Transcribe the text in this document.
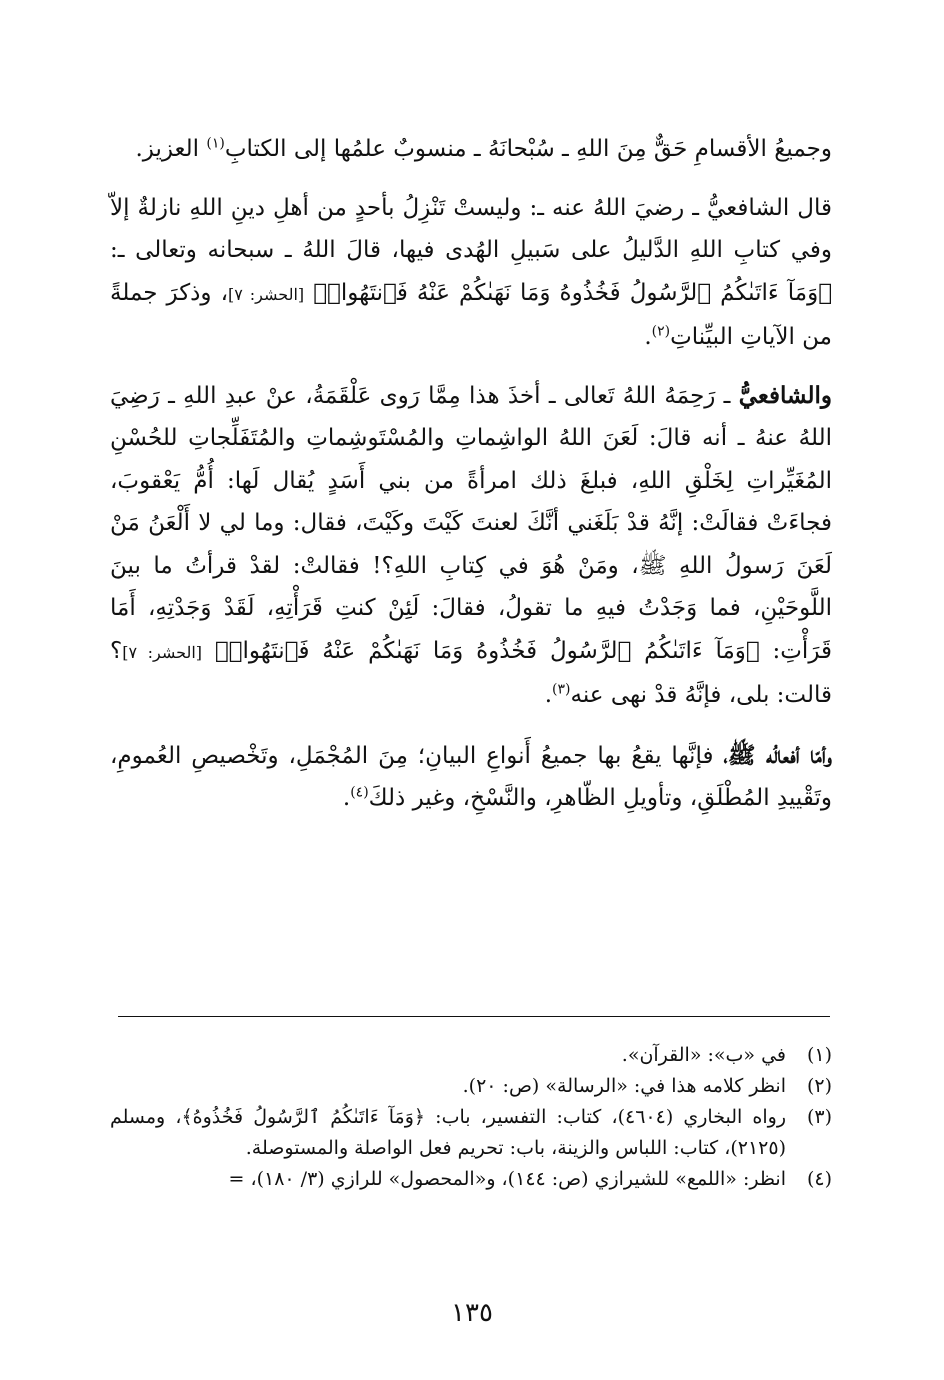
وجميعُ الأقسامِ حَقٌّ مِنَ اللهِ ـ سُبْحانَهُ ـ منسوبٌ علمُها إلى الكتابِ$^{(١)}$ العزيز.

قال الشافعيُّ ـ رضيَ اللهُ عنه ـ: وليستْ تَنْزِلُ بأحدٍ من أهلِ دينِ اللهِ نازلةٌ إلاّ وفي كتابِ اللهِ الدَّليلُ على سَبيلِ الهُدى فيها، قالَ اللهُ ـ سبحانه وتعالى ـ: ﴿وَمَآ ءَاتَىٰكُمُ ٱلرَّسُولُ فَخُذُوهُ وَمَا نَهَىٰكُمْ عَنْهُ فَٱنتَهُوا۟﴾ [الحشر: ٧]، وذكرَ جملةً من الآياتِ البيِّناتِ$^{(٢)}$.

والشافعيُّ ـ رَحِمَهُ اللهُ تَعالى ـ أخذَ هذا مِمَّا رَوى عَلْقَمَةُ، عنْ عبدِ اللهِ ـ رَضِيَ اللهُ عنهُ ـ أنه قالَ: لَعَنَ اللهُ الواشِماتِ والمُسْتَوشِماتِ والمُتَفَلِّجاتِ للحُسْنِ المُغَيِّراتِ لِخَلْقِ اللهِ، فبلغَ ذلك امرأةً من بني أَسَدٍ يُقال لَها: أُمُّ يَعْقوبَ، فجاءَتْ فقالَتْ: إنَّهُ قدْ بَلَغَني أنَّكَ لعنتَ كَيْتَ وكَيْتَ، فقال: وما لي لا أَلْعَنُ مَنْ لَعَنَ رَسولُ اللهِ ﷺ، ومَنْ هُوَ في كِتابِ اللهِ؟! فقالتْ: لقدْ قرأتُ ما بينَ اللَّوحَيْنِ، فما وَجَدْتُ فيهِ ما تقولُ، فقالَ: لَئِنْ كنتِ قَرَأْتِهِ، لَقَدْ وَجَدْتِهِ، أَمَا قَرَأْتِ: ﴿وَمَآ ءَاتَىٰكُمُ ٱلرَّسُولُ فَخُذُوهُ وَمَا نَهَىٰكُمْ عَنْهُ فَٱنتَهُوا۟﴾ [الحشر: ٧]؟ قالت: بلى، فإنَّهُ قدْ نهى عنه$^{(٣)}$.

وأمّا أفعالُه ﷺ، فإنَّها يقعُ بها جميعُ أَنواعِ البيانِ؛ مِنَ المُجْمَلِ، وتَخْصيصِ العُمومِ، وتَقْييدِ المُطْلَقِ، وتأويلِ الظّاهرِ، والنَّسْخِ، وغير ذلكَ$^{(٤)}$.

(١)
في «ب»: «القرآن».
(٢)
انظر كلامه هذا في: «الرسالة» (ص: ٢٠).
(٣)
رواه البخاري (٤٦٠٤)، كتاب: التفسير، باب: ﴿وَمَآ ءَاتَىٰكُمُ ٱلرَّسُولُ فَخُذُوهُ﴾، ومسلم (٢١٢٥)، كتاب: اللباس والزينة، باب: تحريم فعل الواصلة والمستوصلة.
(٤)
انظر: «اللمع» للشيرازي (ص: ١٤٤)، و«المحصول» للرازي (٣/ ١٨٠)، =
١٣٥
